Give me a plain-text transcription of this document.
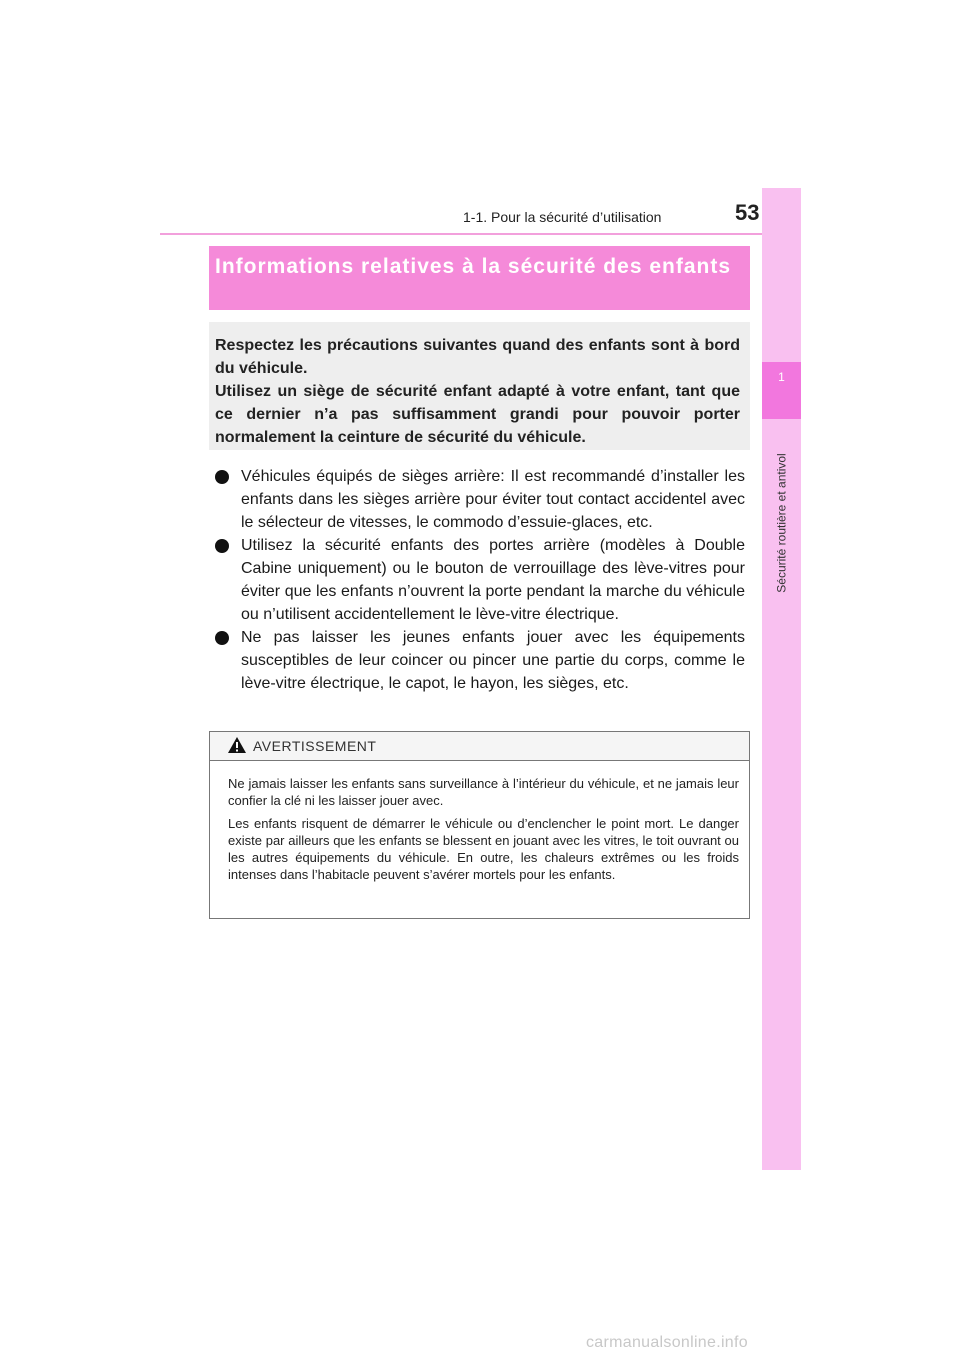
1-1. Pour la sécurité d’utilisation	53
1
Sécurité routière et antivol
Informations relatives à la sécurité des enfants

Respectez les précautions suivantes quand des enfants sont à bord du véhicule.

Utilisez un siège de sécurité enfant adapté à votre enfant, tant que ce dernier n’a pas suffisamment grandi pour pouvoir porter normalement la ceinture de sécurité du véhicule.

Véhicules équipés de sièges arrière: Il est recommandé d’installer les enfants dans les sièges arrière pour éviter tout contact accidentel avec le sélecteur de vitesses, le commodo d’essuie-glaces, etc.
Utilisez la sécurité enfants des portes arrière (modèles à Double Cabine uniquement) ou le bouton de verrouillage des lève-vitres pour éviter que les enfants n’ouvrent la porte pendant la marche du véhicule ou n’utilisent accidentellement le lève-vitre électrique.
Ne pas laisser les jeunes enfants jouer avec les équipements susceptibles de leur coincer ou pincer une partie du corps, comme le lève-vitre électrique, le capot, le hayon, les sièges, etc.
AVERTISSEMENT

Ne jamais laisser les enfants sans surveillance à l’intérieur du véhicule, et ne jamais leur confier la clé ni les laisser jouer avec.

Les enfants risquent de démarrer le véhicule ou d’enclencher le point mort. Le danger existe par ailleurs que les enfants se blessent en jouant avec les vitres, le toit ouvrant ou les autres équipements du véhicule. En outre, les chaleurs extrêmes ou les froids intenses dans l’habitacle peuvent s’avérer mortels pour les enfants.

carmanualsonline.info
